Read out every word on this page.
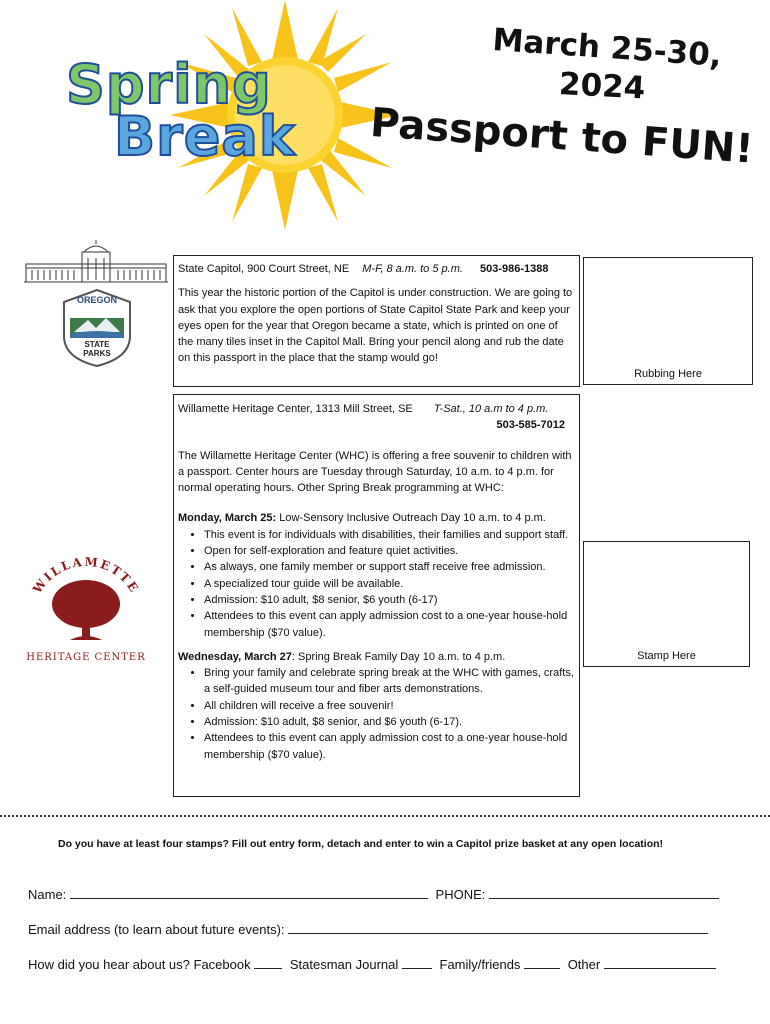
Spring
Break
March 25-30,
2024
Passport to FUN!
OREGON
STATE
PARKS
State Capitol, 900 Court Street, NE M-F, 8 a.m. to 5 p.m. 503-986-1388
This year the historic portion of the Capitol is under construction. We are going to ask that you explore the open portions of State Capitol State Park and keep your eyes open for the year that Oregon became a state, which is printed on one of the many tiles inset in the Capitol Mall. Bring your pencil along and rub the date on this passport in the place that the stamp would go!
Rubbing Here
Willamette Heritage Center, 1313 Mill Street, SE T-Sat., 10 a.m to 4 p.m.
503-585-7012
The Willamette Heritage Center (WHC) is offering a free souvenir to children with a passport. Center hours are Tuesday through Saturday, 10 a.m. to 4 p.m. for normal operating hours. Other Spring Break programming at WHC:
Monday, March 25: Low-Sensory Inclusive Outreach Day 10 a.m. to 4 p.m.
• This event is for individuals with disabilities, their families and support staff.
• Open for self-exploration and feature quiet activities.
• As always, one family member or support staff receive free admission.
• A specialized tour guide will be available.
• Admission: $10 adult, $8 senior, $6 youth (6-17)
• Attendees to this event can apply admission cost to a one-year house-hold membership ($70 value).
Wednesday, March 27: Spring Break Family Day 10 a.m. to 4 p.m.
• Bring your family and celebrate spring break at the WHC with games, crafts, a self-guided museum tour and fiber arts demonstrations.
• All children will receive a free souvenir!
• Admission: $10 adult, $8 senior, and $6 youth (6-17).
• Attendees to this event can apply admission cost to a one-year house-hold membership ($70 value).
Stamp Here
WILLAMETTE
HERITAGE CENTER
Do you have at least four stamps? Fill out entry form, detach and enter to win a Capitol prize basket at any open location!
Name:	PHONE:
Email address (to learn about future events):
How did you hear about us? Facebook	Statesman Journal	Family/friends	Other
